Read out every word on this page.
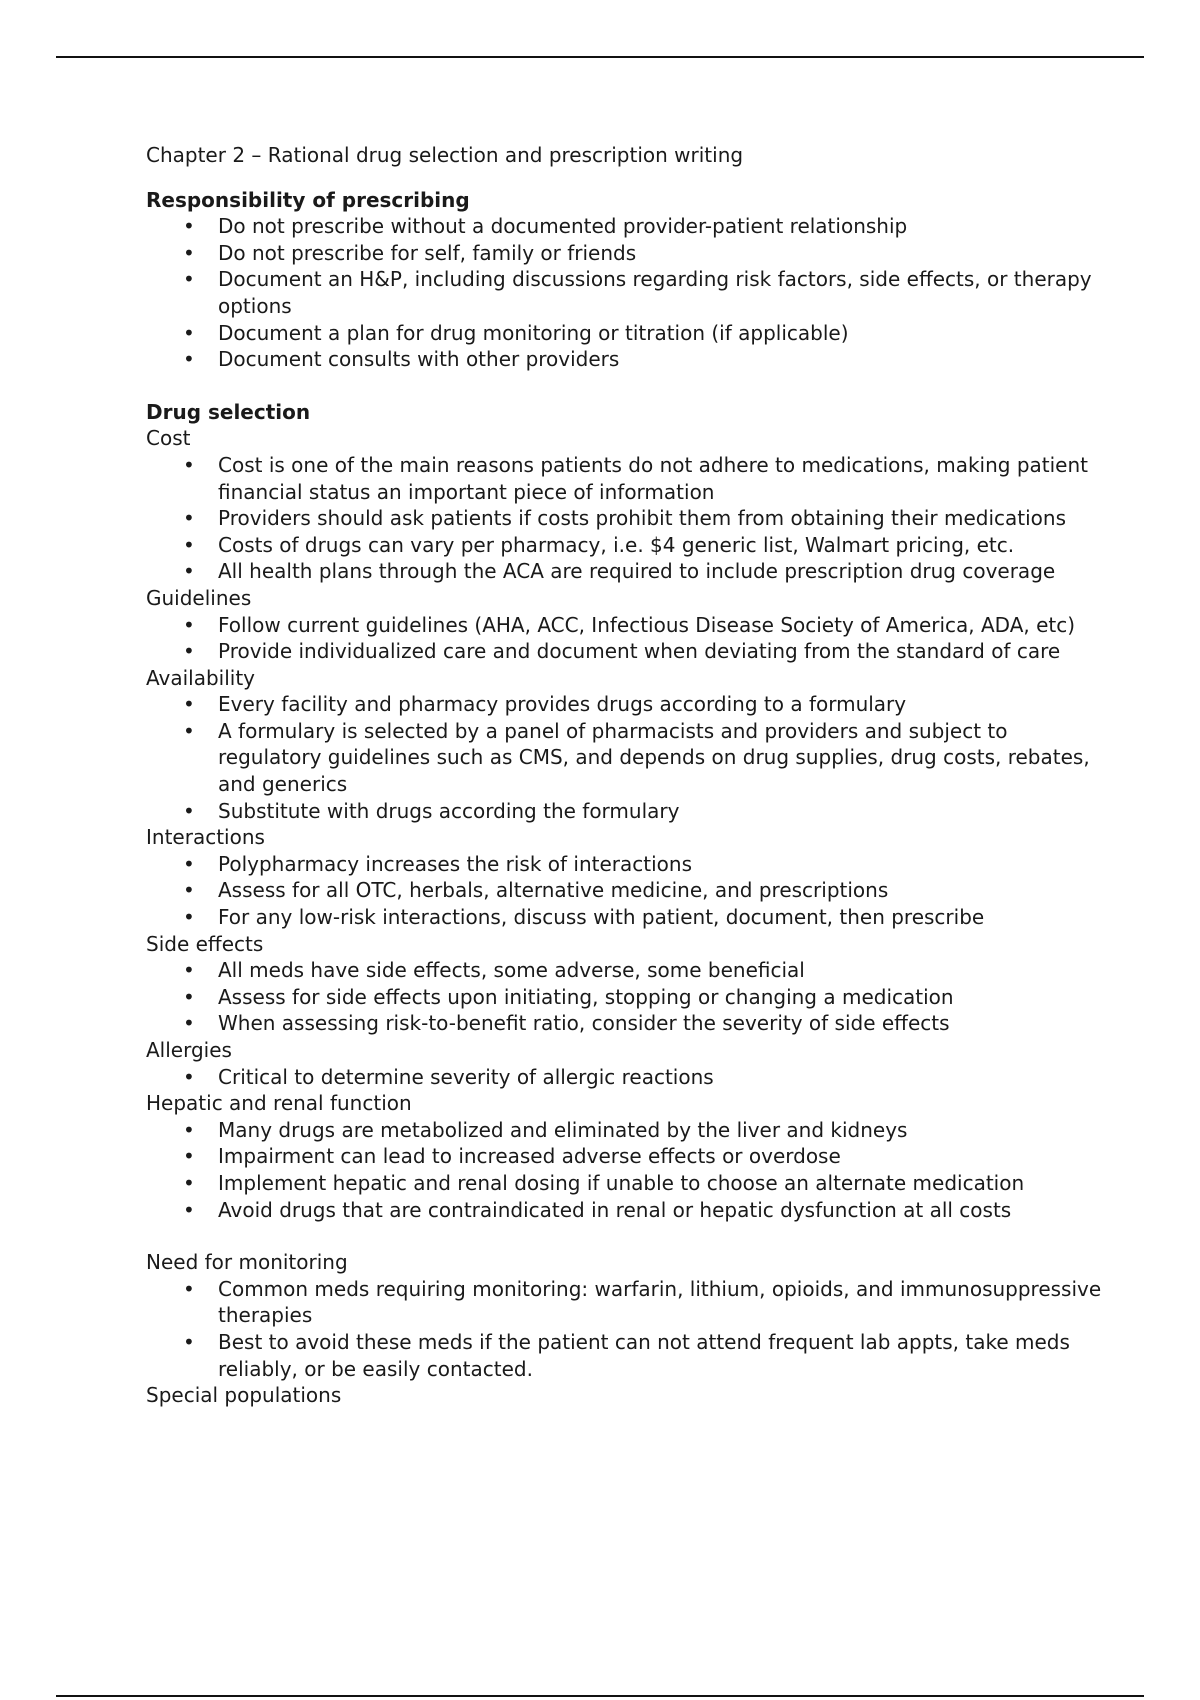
Chapter 2 – Rational drug selection and prescription writing

Responsibility of prescribing

• Do not prescribe without a documented provider-patient relationship
• Do not prescribe for self, family or friends
• Document an H&P, including discussions regarding risk factors, side effects, or therapy options
• Document a plan for drug monitoring or titration (if applicable)
• Document consults with other providers

Drug selection

Cost

• Cost is one of the main reasons patients do not adhere to medications, making patient financial status an important piece of information
• Providers should ask patients if costs prohibit them from obtaining their medications
• Costs of drugs can vary per pharmacy, i.e. $4 generic list, Walmart pricing, etc.
• All health plans through the ACA are required to include prescription drug coverage

Guidelines

• Follow current guidelines (AHA, ACC, Infectious Disease Society of America, ADA, etc)
• Provide individualized care and document when deviating from the standard of care

Availability

• Every facility and pharmacy provides drugs according to a formulary
• A formulary is selected by a panel of pharmacists and providers and subject to regulatory guidelines such as CMS, and depends on drug supplies, drug costs, rebates, and generics
• Substitute with drugs according the formulary

Interactions

• Polypharmacy increases the risk of interactions
• Assess for all OTC, herbals, alternative medicine, and prescriptions
• For any low-risk interactions, discuss with patient, document, then prescribe

Side effects

• All meds have side effects, some adverse, some beneficial
• Assess for side effects upon initiating, stopping or changing a medication
• When assessing risk-to-benefit ratio, consider the severity of side effects

Allergies

• Critical to determine severity of allergic reactions

Hepatic and renal function

• Many drugs are metabolized and eliminated by the liver and kidneys
• Impairment can lead to increased adverse effects or overdose
• Implement hepatic and renal dosing if unable to choose an alternate medication
• Avoid drugs that are contraindicated in renal or hepatic dysfunction at all costs

Need for monitoring

• Common meds requiring monitoring: warfarin, lithium, opioids, and immunosuppressive therapies
• Best to avoid these meds if the patient can not attend frequent lab appts, take meds reliably, or be easily contacted.

Special populations
